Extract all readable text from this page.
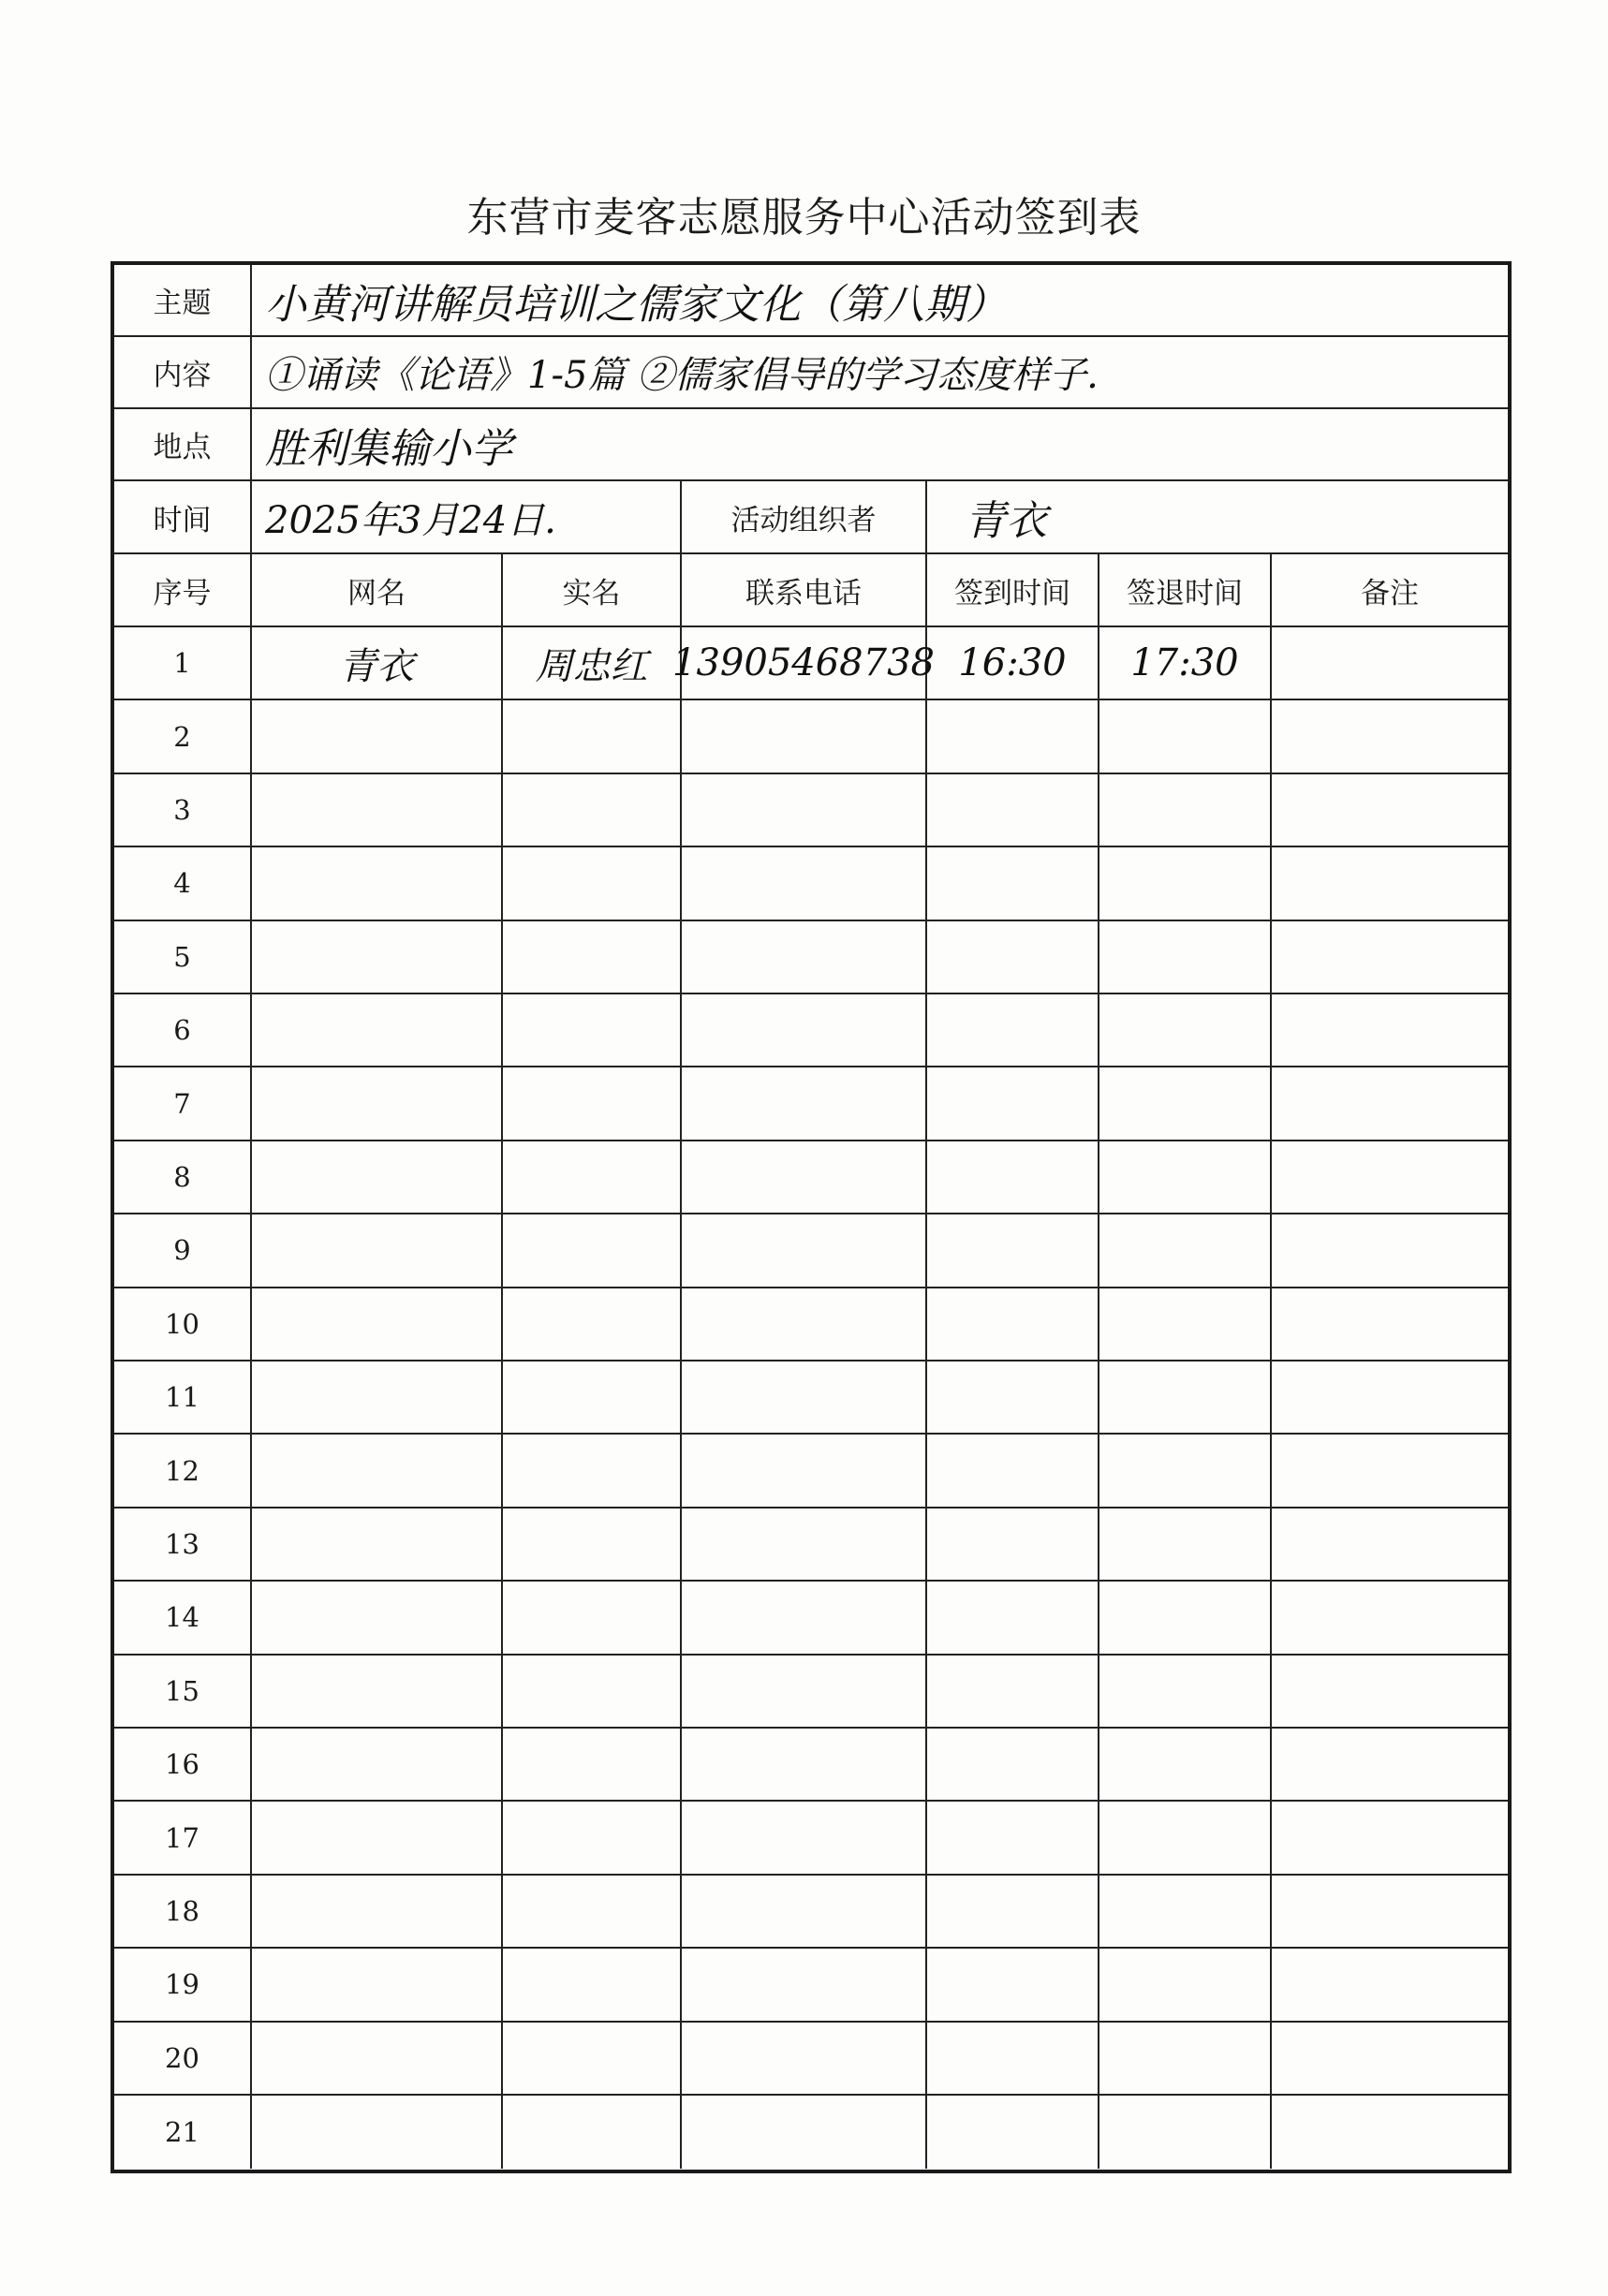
东营市麦客志愿服务中心活动签到表
主题	小黄河讲解员培训之儒家文化（第八期）
内容	①诵读《论语》1-5篇 ②儒家倡导的学习态度样子.
地点	胜利集输小学
时间	2025年3月24日.	活动组织者	青衣
序号	网名	实名	联系电话	签到时间	签退时间	备注
1	青衣	周忠红 13905468738 16:30	17:30
2
3
4
5
6
7
8
9
10
11
12
13
14
15
16
17
18
19
20
21
